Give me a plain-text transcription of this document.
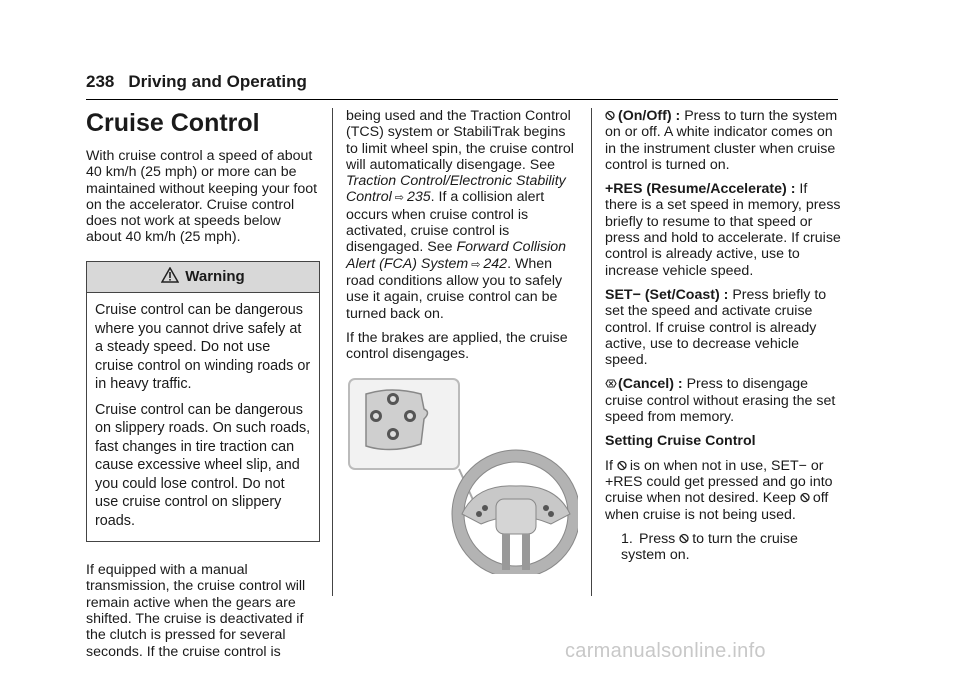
238 Driving and Operating
Cruise Control

With cruise control a speed of about 40 km/h (25 mph) or more can be maintained without keeping your foot on the accelerator. Cruise control does not work at speeds below about 40 km/h (25 mph).

Warning

Cruise control can be dangerous where you cannot drive safely at a steady speed. Do not use cruise control on winding roads or in heavy traffic.

Cruise control can be dangerous on slippery roads. On such roads, fast changes in tire traction can cause excessive wheel slip, and you could lose control. Do not use cruise control on slippery roads.

If equipped with a manual transmission, the cruise control will remain active when the gears are shifted. The cruise is deactivated if the clutch is pressed for several seconds. If the cruise control is

being used and the Traction Control (TCS) system or StabiliTrak begins to limit wheel spin, the cruise control will automatically disengage. See Traction Control/Electronic Stability Control ⇨ 235. If a collision alert occurs when cruise control is activated, cruise control is disengaged. See Forward Collision Alert (FCA) System ⇨ 242. When road conditions allow you to safely use it again, cruise control can be turned back on.

If the brakes are applied, the cruise control disengages.

(On/Off) : Press to turn the system on or off. A white indicator comes on in the instrument cluster when cruise control is turned on.

+RES (Resume/Accelerate) : If there is a set speed in memory, press briefly to resume to that speed or press and hold to accelerate. If cruise control is already active, use to increase vehicle speed.

SET− (Set/Coast) : Press briefly to set the speed and activate cruise control. If cruise control is already active, use to decrease vehicle speed.

(Cancel) : Press to disengage cruise control without erasing the set speed from memory.

Setting Cruise Control

If is on when not in use, SET− or +RES could get pressed and go into cruise when not desired. Keep off when cruise is not being used.

1. Press to turn the cruise system on.

carmanualsonline.info
